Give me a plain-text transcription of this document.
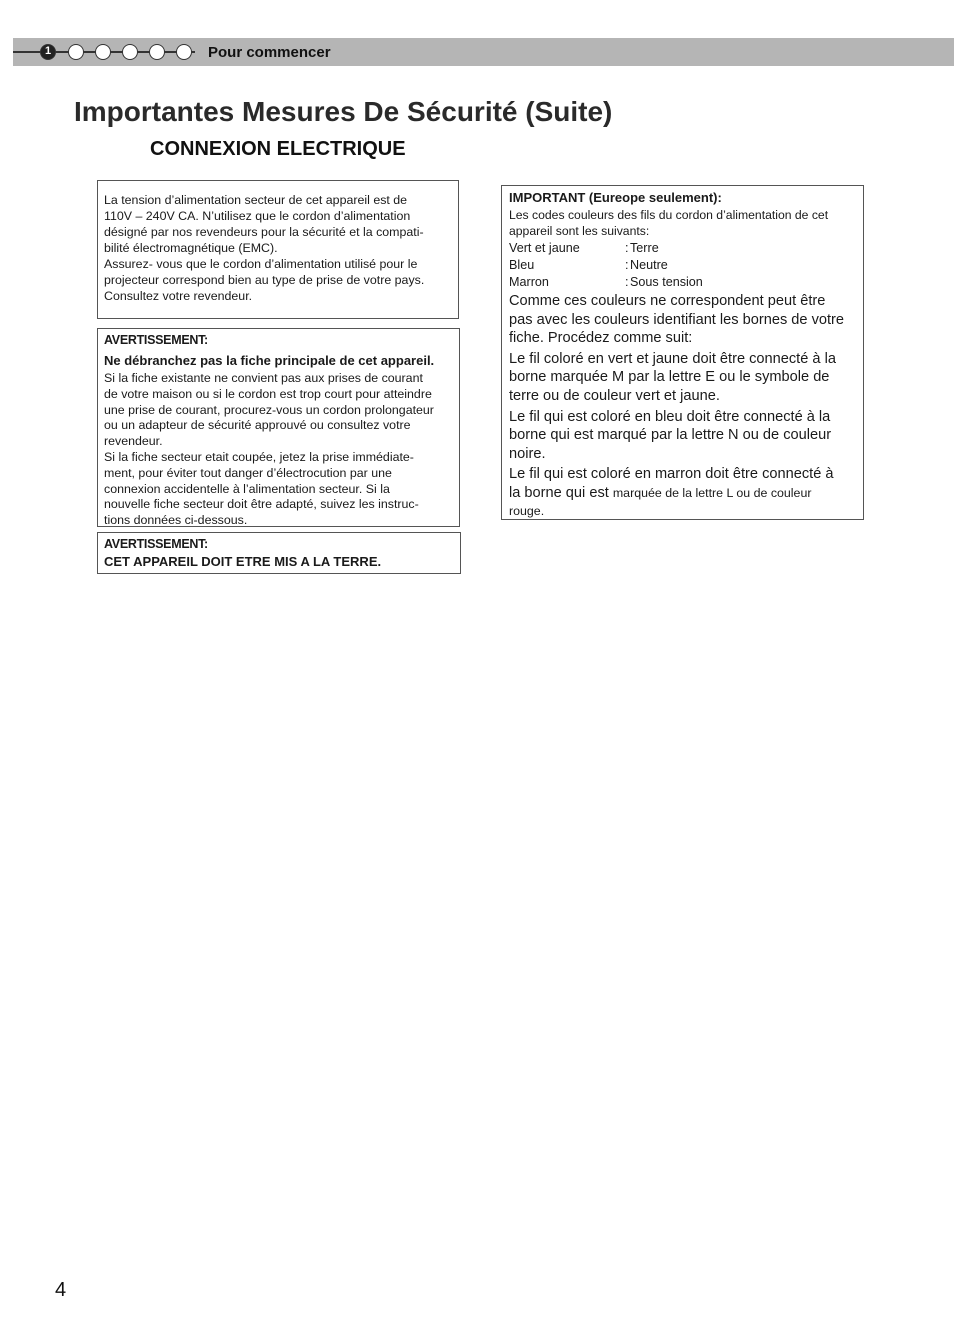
1	Pour commencer
Importantes Mesures De Sécurité (Suite)
CONNEXION ELECTRIQUE

La tension d’alimentation secteur de cet appareil est de

110V – 240V CA. N’utilisez que le cordon d’alimentation

désigné par nos revendeurs pour la sécurité et la compati-

bilité électromagnétique (EMC).

Assurez- vous que le cordon d’alimentation utilisé pour le

projecteur correspond bien au type de prise de votre pays.

Consultez votre revendeur.

AVERTISSEMENT:

Ne débranchez pas la fiche principale de cet appareil.

Si la fiche existante ne convient pas aux prises de courant

de votre maison ou si le cordon est trop court pour atteindre

une prise de courant, procurez-vous un cordon prolongateur

ou un adapteur de sécurité approuvé ou consultez votre

revendeur.

Si la fiche secteur etait coupée, jetez la prise immédiate-

ment, pour éviter tout danger d’électrocution par une

connexion accidentelle à l’alimentation secteur. Si la

nouvelle fiche secteur doit être adapté, suivez les instruc-

tions données ci-dessous.

AVERTISSEMENT:

CET APPAREIL DOIT ETRE MIS A LA TERRE.

IMPORTANT (Eureope seulement):

Les codes couleurs des fils du cordon d’alimentation de cet

appareil sont les suivants:

Vert et jaune	: Terre
Bleu	: Neutre
Marron	: Sous tension

Comme ces couleurs ne correspondent peut être

pas avec les couleurs identifiant les bornes de votre

fiche. Procédez comme suit:

Le fil coloré en vert et jaune doit être connecté à la

borne marquée M par la lettre E ou le symbole de

terre ou de couleur vert et jaune.

Le fil qui est coloré en bleu doit être connecté à la

borne qui est marqué par la lettre N ou de couleur

noire.

Le fil qui est coloré en marron doit être connecté à

la borne qui est marquée de la lettre L ou de couleur

rouge.

4
